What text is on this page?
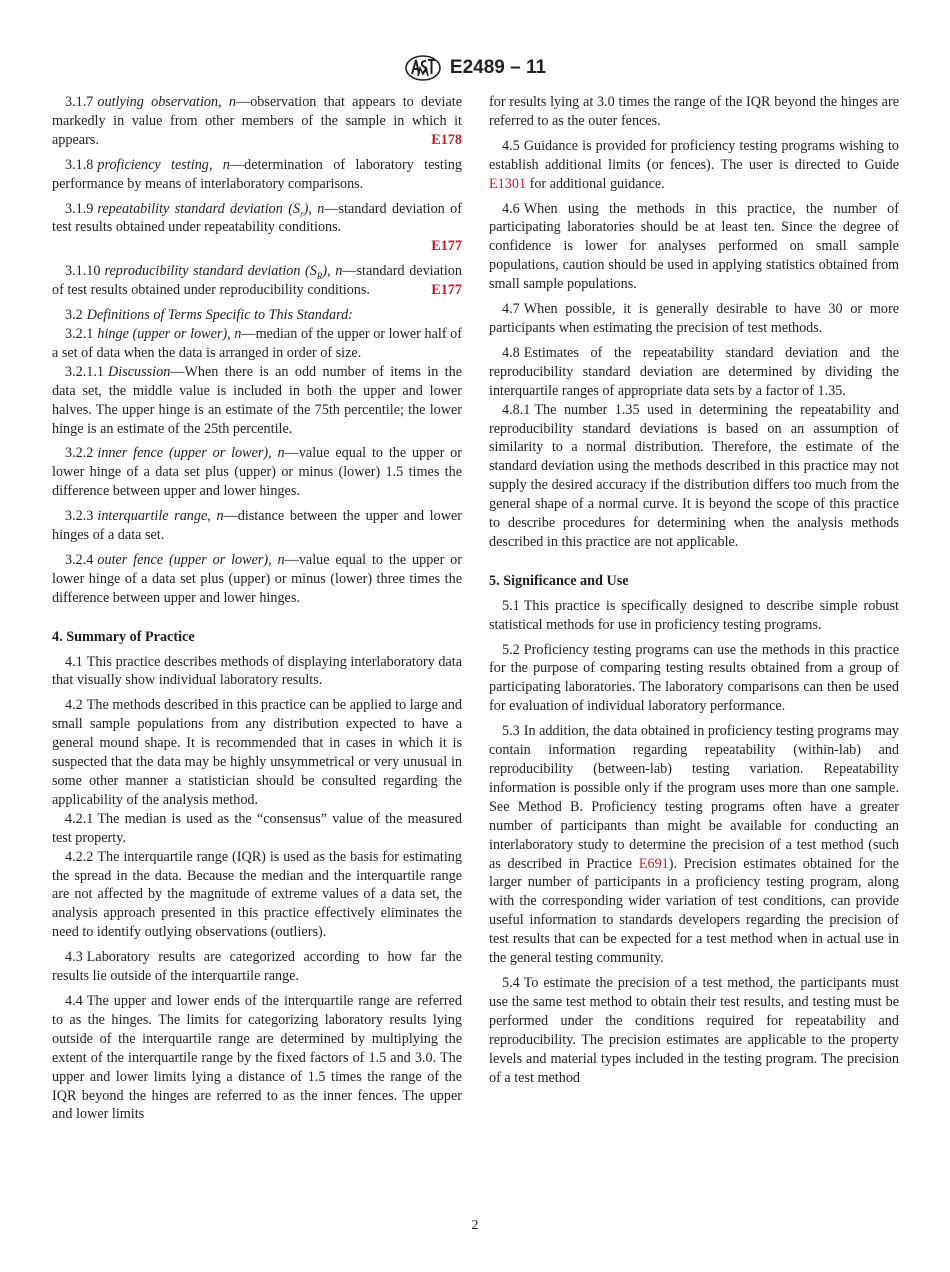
E2489 – 11

3.1.7 outlying observation, n—observation that appears to deviate markedly in value from other members of the sample in which it appears.	E178

3.1.8 proficiency testing, n—determination of laboratory testing performance by means of interlaboratory comparisons.

3.1.9 repeatability standard deviation $(S_r)$, n—standard deviation of test results obtained under repeatability conditions.

E177

3.1.10 reproducibility standard deviation $(S_R)$, n—standard deviation of test results obtained under reproducibility conditions.	E177

3.2 Definitions of Terms Specific to This Standard:

3.2.1 hinge (upper or lower), n—median of the upper or lower half of a set of data when the data is arranged in order of size.

3.2.1.1 Discussion—When there is an odd number of items in the data set, the middle value is included in both the upper and lower halves. The upper hinge is an estimate of the 75th percentile; the lower hinge is an estimate of the 25th percentile.

3.2.2 inner fence (upper or lower), n—value equal to the upper or lower hinge of a data set plus (upper) or minus (lower) 1.5 times the difference between upper and lower hinges.

3.2.3 interquartile range, n—distance between the upper and lower hinges of a data set.

3.2.4 outer fence (upper or lower), n—value equal to the upper or lower hinge of a data set plus (upper) or minus (lower) three times the difference between upper and lower hinges.

4. Summary of Practice

4.1 This practice describes methods of displaying interlaboratory data that visually show individual laboratory results.

4.2 The methods described in this practice can be applied to large and small sample populations from any distribution expected to have a general mound shape. It is recommended that in cases in which it is suspected that the data may be highly unsymmetrical or very unusual in some other manner a statistician should be consulted regarding the applicability of the analysis method.

4.2.1 The median is used as the “consensus” value of the measured test property.

4.2.2 The interquartile range (IQR) is used as the basis for estimating the spread in the data. Because the median and the interquartile range are not affected by the magnitude of extreme values of a data set, the analysis approach presented in this practice effectively eliminates the need to identify outlying observations (outliers).

4.3 Laboratory results are categorized according to how far the results lie outside of the interquartile range.

4.4 The upper and lower ends of the interquartile range are referred to as the hinges. The limits for categorizing laboratory results lying outside of the interquartile range are determined by multiplying the extent of the interquartile range by the fixed factors of 1.5 and 3.0. The upper and lower limits lying a distance of 1.5 times the range of the IQR beyond the hinges are referred to as the inner fences. The upper and lower limits

for results lying at 3.0 times the range of the IQR beyond the hinges are referred to as the outer fences.

4.5 Guidance is provided for proficiency testing programs wishing to establish additional limits (or fences). The user is directed to Guide E1301 for additional guidance.

4.6 When using the methods in this practice, the number of participating laboratories should be at least ten. Since the degree of confidence is lower for analyses performed on small sample populations, caution should be used in applying statistics obtained from small sample populations.

4.7 When possible, it is generally desirable to have 30 or more participants when estimating the precision of test methods.

4.8 Estimates of the repeatability standard deviation and the reproducibility standard deviation are determined by dividing the interquartile ranges of appropriate data sets by a factor of 1.35.

4.8.1 The number 1.35 used in determining the repeatability and reproducibility standard deviations is based on an assumption of similarity to a normal distribution. Therefore, the estimate of the standard deviation using the methods described in this practice may not supply the desired accuracy if the distribution differs too much from the general shape of a normal curve. It is beyond the scope of this practice to describe procedures for determining when the analysis methods described in this practice are not applicable.

5. Significance and Use

5.1 This practice is specifically designed to describe simple robust statistical methods for use in proficiency testing programs.

5.2 Proficiency testing programs can use the methods in this practice for the purpose of comparing testing results obtained from a group of participating laboratories. The laboratory comparisons can then be used for evaluation of individual laboratory performance.

5.3 In addition, the data obtained in proficiency testing programs may contain information regarding repeatability (within-lab) and reproducibility (between-lab) testing variation. Repeatability information is possible only if the program uses more than one sample. See Method B. Proficiency testing programs often have a greater number of participants than might be available for conducting an interlaboratory study to determine the precision of a test method (such as described in Practice E691). Precision estimates obtained for the larger number of participants in a proficiency testing program, along with the corresponding wider variation of test conditions, can provide useful information to standards developers regarding the precision of test results that can be expected for a test method when in actual use in the general testing community.

5.4 To estimate the precision of a test method, the participants must use the same test method to obtain their test results, and testing must be performed under the conditions required for repeatability and reproducibility. The precision estimates are applicable to the property levels and material types included in the testing program. The precision of a test method

2
